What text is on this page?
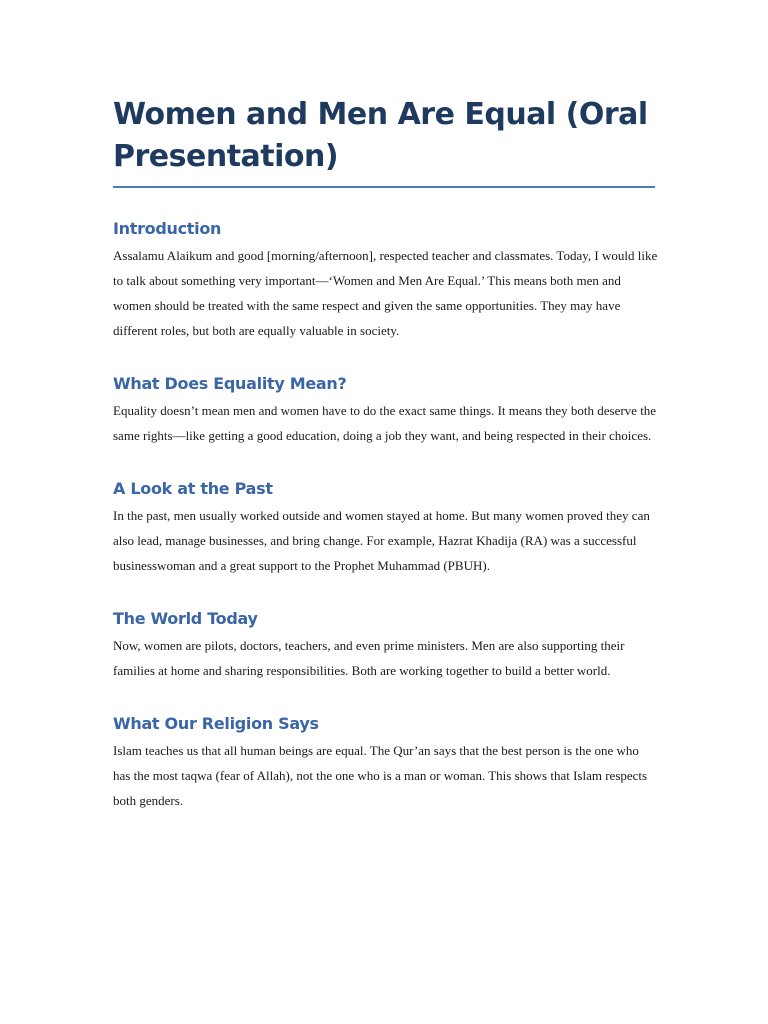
Women and Men Are Equal (Oral Presentation)
Introduction

Assalamu Alaikum and good [morning/afternoon], respected teacher and classmates. Today, I would like to talk about something very important—‘Women and Men Are Equal.’ This means both men and women should be treated with the same respect and given the same opportunities. They may have different roles, but both are equally valuable in society.

What Does Equality Mean?

Equality doesn’t mean men and women have to do the exact same things. It means they both deserve the same rights—like getting a good education, doing a job they want, and being respected in their choices.

A Look at the Past

In the past, men usually worked outside and women stayed at home. But many women proved they can also lead, manage businesses, and bring change. For example, Hazrat Khadija (RA) was a successful businesswoman and a great support to the Prophet Muhammad (PBUH).

The World Today

Now, women are pilots, doctors, teachers, and even prime ministers. Men are also supporting their families at home and sharing responsibilities. Both are working together to build a better world.

What Our Religion Says

Islam teaches us that all human beings are equal. The Qur’an says that the best person is the one who has the most taqwa (fear of Allah), not the one who is a man or woman. This shows that Islam respects both genders.
